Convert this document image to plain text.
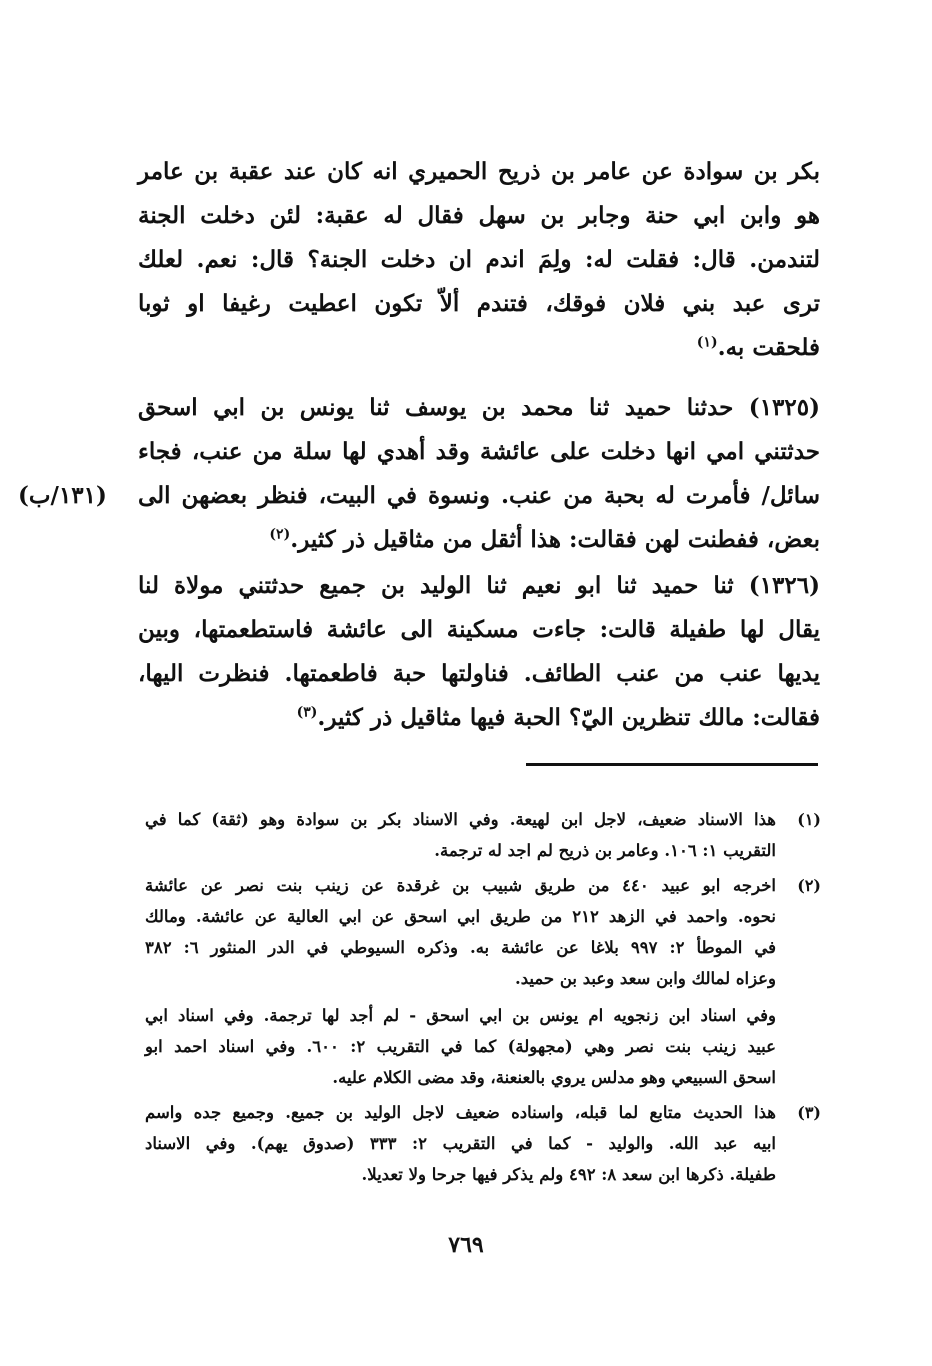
بكر بن سوادة عن عامر بن ذريح الحميري انه كان عند عقبة بن عامر
هو وابن ابي حنة وجابر بن سهل فقال له عقبة: لئن دخلت الجنة
لتندمن. قال: فقلت له: ولِمَ اندم ان دخلت الجنة؟ قال: نعم. لعلك
ترى عبد بني فلان فوقك، فتندم ألاّ تكون اعطيت رغيفا او ثوبا
فلحقت به.$^{(١)}$
(١٣٢٥) حدثنا حميد ثنا محمد بن يوسف ثنا يونس بن ابي اسحق
حدثتني امي انها دخلت على عائشة وقد أهدي لها سلة من عنب، فجاء
سائل/ فأمرت له بحبة من عنب. ونسوة في البيت، فنظر بعضهن الى
(١٣١/ب)
بعض، ففطنت لهن فقالت: هذا أثقل من مثاقيل ذر كثير.$^{(٢)}$
(١٣٢٦) ثنا حميد ثنا ابو نعيم ثنا الوليد بن جميع حدثتني مولاة لنا
يقال لها طفيلة قالت: جاءت مسكينة الى عائشة فاستطعمتها، وبين
يديها عنب من عنب الطائف. فناولتها حبة فاطعمتها. فنظرت اليها،
فقالت: مالك تنظرين اليّ؟ الحبة فيها مثاقيل ذر كثير.$^{(٣)}$
(١)
هذا الاسناد ضعيف، لاجل ابن لهيعة. وفي الاسناد بكر بن سوادة وهو (ثقة) كما في
التقريب ١: ١٠٦. وعامر بن ذريح لم اجد له ترجمة.
(٢)
اخرجه ابو عبيد ٤٤٠ من طريق شبيب بن غرقدة عن زينب بنت نصر عن عائشة
نحوه. واحمد في الزهد ٢١٢ من طريق ابي اسحق عن ابي العالية عن عائشة. ومالك
في الموطأ ٢: ٩٩٧ بلاغا عن عائشة به. وذكره السيوطي في الدر المنثور ٦: ٣٨٢
وعزاه لمالك وابن سعد وعبد بن حميد.
وفي اسناد ابن زنجويه ام يونس بن ابي اسحق - لم أجد لها ترجمة. وفي اسناد ابي
عبيد زينب بنت نصر وهي (مجهولة) كما في التقريب ٢: ٦٠٠. وفي اسناد احمد ابو
اسحق السبيعي وهو مدلس يروي بالعنعنة، وقد مضى الكلام عليه.
(٣)
هذا الحديث متابع لما قبله، واسناده ضعيف لاجل الوليد بن جميع. وجميع جده واسم
ابيه عبد الله. والوليد - كما في التقريب ٢: ٣٣٣ (صدوق يهم). وفي الاسناد
طفيلة. ذكرها ابن سعد ٨: ٤٩٢ ولم يذكر فيها جرحا ولا تعديلا.
٧٦٩
